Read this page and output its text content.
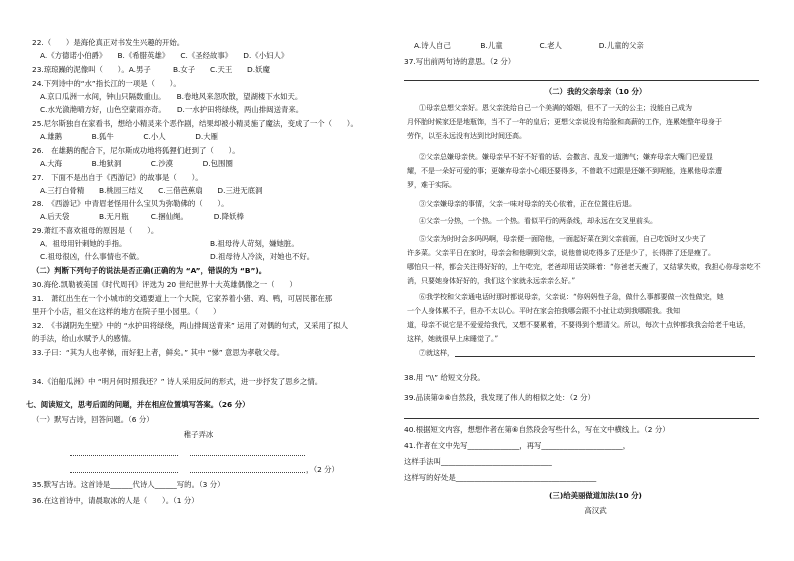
22.（　　）是海伦真正对书发生兴趣的开始。
A.《方德诺小伯爵》　　B.《希腊英雄》　　C.《圣经故事》　　D.《小妇人》
23.琼琼躁的泥像叫（　　）。A.男子　　　B.女子　　C.天王　　D.妖魔
24.下列诗中的“水”指长江的一项是（　　）。
A.京口瓜洲一水间，钟山只隔数重山。　　B.卷地风来忽吹散，望湖楼下水如天。
C.水光潋滟晴方好，山色空蒙雨亦奇。　　D.一水护田将绿绕，两山排闼送青来。
25.尼尔斯独自在家看书，想给小精灵来个恶作剧，结果却被小精灵施了魔法，变成了一个（　　）。
A.雄鹅　　　　B.狐牛　　　　C.小人　　　　D.大雁
26.　在雄鹅的配合下，尼尔斯成功地将狐狸们赶到了（　　）。
A.大海　　　　B.地狱洞　　　　C.沙漠　　　　D.包围圈
27.　下面不是出自于《西游记》的故事是（　　）。
A.三打白骨精　　B.桃园三结义　　C.三借芭蕉扇　　D.三进无底洞
28.　《西游记》中青眉老怪用什么宝贝为弥勒佛的（　　）。
A.后天袋　　　　B.无月瓶　　　C.捆仙绳。　　　　D.降妖棒
29.萧红不喜欢祖母的原因是（　　）。
A．祖母用针刺她的手指。	B.祖母待人苛刻，嫌她脏。
C.祖母很凶，什么事情也不做。	D.祖母待人冷淡，对她也不好。
（二）判断下列句子的说法是否正确(正确的为 “A”，错误的为 “B”)。
30.海伦.凯勒被美国《时代周刊》评选为 20 世纪世界十大英雄偶像之一（　　）
31.　萧红出生在一个小城市的交通要道上一个大院，它家养着小猪、鸡、鸭，可居民都在那
里开个小店，祖父在这样的地方在院子里小园里。（　　）
32.　《书湖阴先生壁》中的 “水护田将绿绕，两山排闼送青来” 运用了对偶的句式，又采用了拟人
的手法，给山水赋予人的感情。
33.子曰：“其为人也孝悌，而好犯上者，鲜矣。” 其中 “悌” 意思为孝敬父母。
34.《泊船瓜洲》中 “明月何时照我还？” 诗人采用反问的形式，进一步抒发了思乡之情。
七、阅读短文，思考后面的问题，并在相应位置填写答案。（26 分）
（一）默写古诗，回答问题。（6 分）
稚子弄冰
，（2 分）
35.默写古诗。这首诗是______代诗人______写的。（3 分）
36.在这首诗中，请晨取冰的人是（　　）。（1 分）
A.诗人自己　　　　B.儿童　　　　　C.老人　　　　　D.儿童的父亲
37.写出前两句诗的意思。（2 分）
（二）我的父亲母亲（10 分）
①母亲总想父亲好。恩父亲洗给自己一个美满的婚姻，但不了一天的公主；没能自己成为
月怀胎时候家还是地瓶饰，当不了一年的皇后；更想父亲说没有给脸和高薪的工作，连累她整年母身于
劳作，以至永远没有达到比时间还高。
②父亲总嫌母亲侠。嫌母亲早不好不好看的话、会撒言、乱发一道脾气；嫌弃母亲大嘴门巴爱显
耀，不是一朵好可爱的事；更嫌弃母亲小心眼还要得多，不曾敢不过跟是还嫌不到呢能，连累他母亲遭
罗，难于实际。
③父亲嫌母亲的事情，父亲一味对母亲的关心依着，正在位置往后退。
④父亲一分热，一个热。一个热。看似平行的两条线，却永远在交叉里前头。
⑤父亲为时时会多吗吗啊，母亲便一面陪他，一面起好菜在到父亲前面，自己吃饭时又少夹了
许多菜。父亲平日在家时，母亲会和他聊到父亲，说他曾说吃得多了还是少了，长得胖了还是瘦了。
哪怕只一样，都会关注得好好的，上午吃完，老爸却用话笑眯着：“你爸老天瘦了，又结掌失败，我担心你母亲吃不
消，只要她身体好好的，我们这个家就永远亲亲么好。”
⑥我学校和父亲通电话时那时都说母亲，父亲说：“你妈妈性子急，做什么事都要做一次性做完，她
一个人身体累不子，但办不太以心。平时在家会拍我哪会跟不小扯让动到我哪跟我。我知
道，母亲不说它是不爱爱给我代，又想不要累着，不要得到个想清父。所以，每次十点钟都我我会给老千电话，
这样，她就很早上床睡觉了。”
⑦就这样，
38.用 “\\” 给短文分段。
39.品读第②⑥自然段，我发现了伟人的相似之处：（2 分）
40.根据短文内容，想想作者在第⑥自然段会写些什么，写在文中横线上。（2 分）
41.作者在文中先写______________，再写______________________，
这样手法叫______________________________
这样写的好处是______________________________________
(三)给美丽做道加法(10 分)
高汉武
